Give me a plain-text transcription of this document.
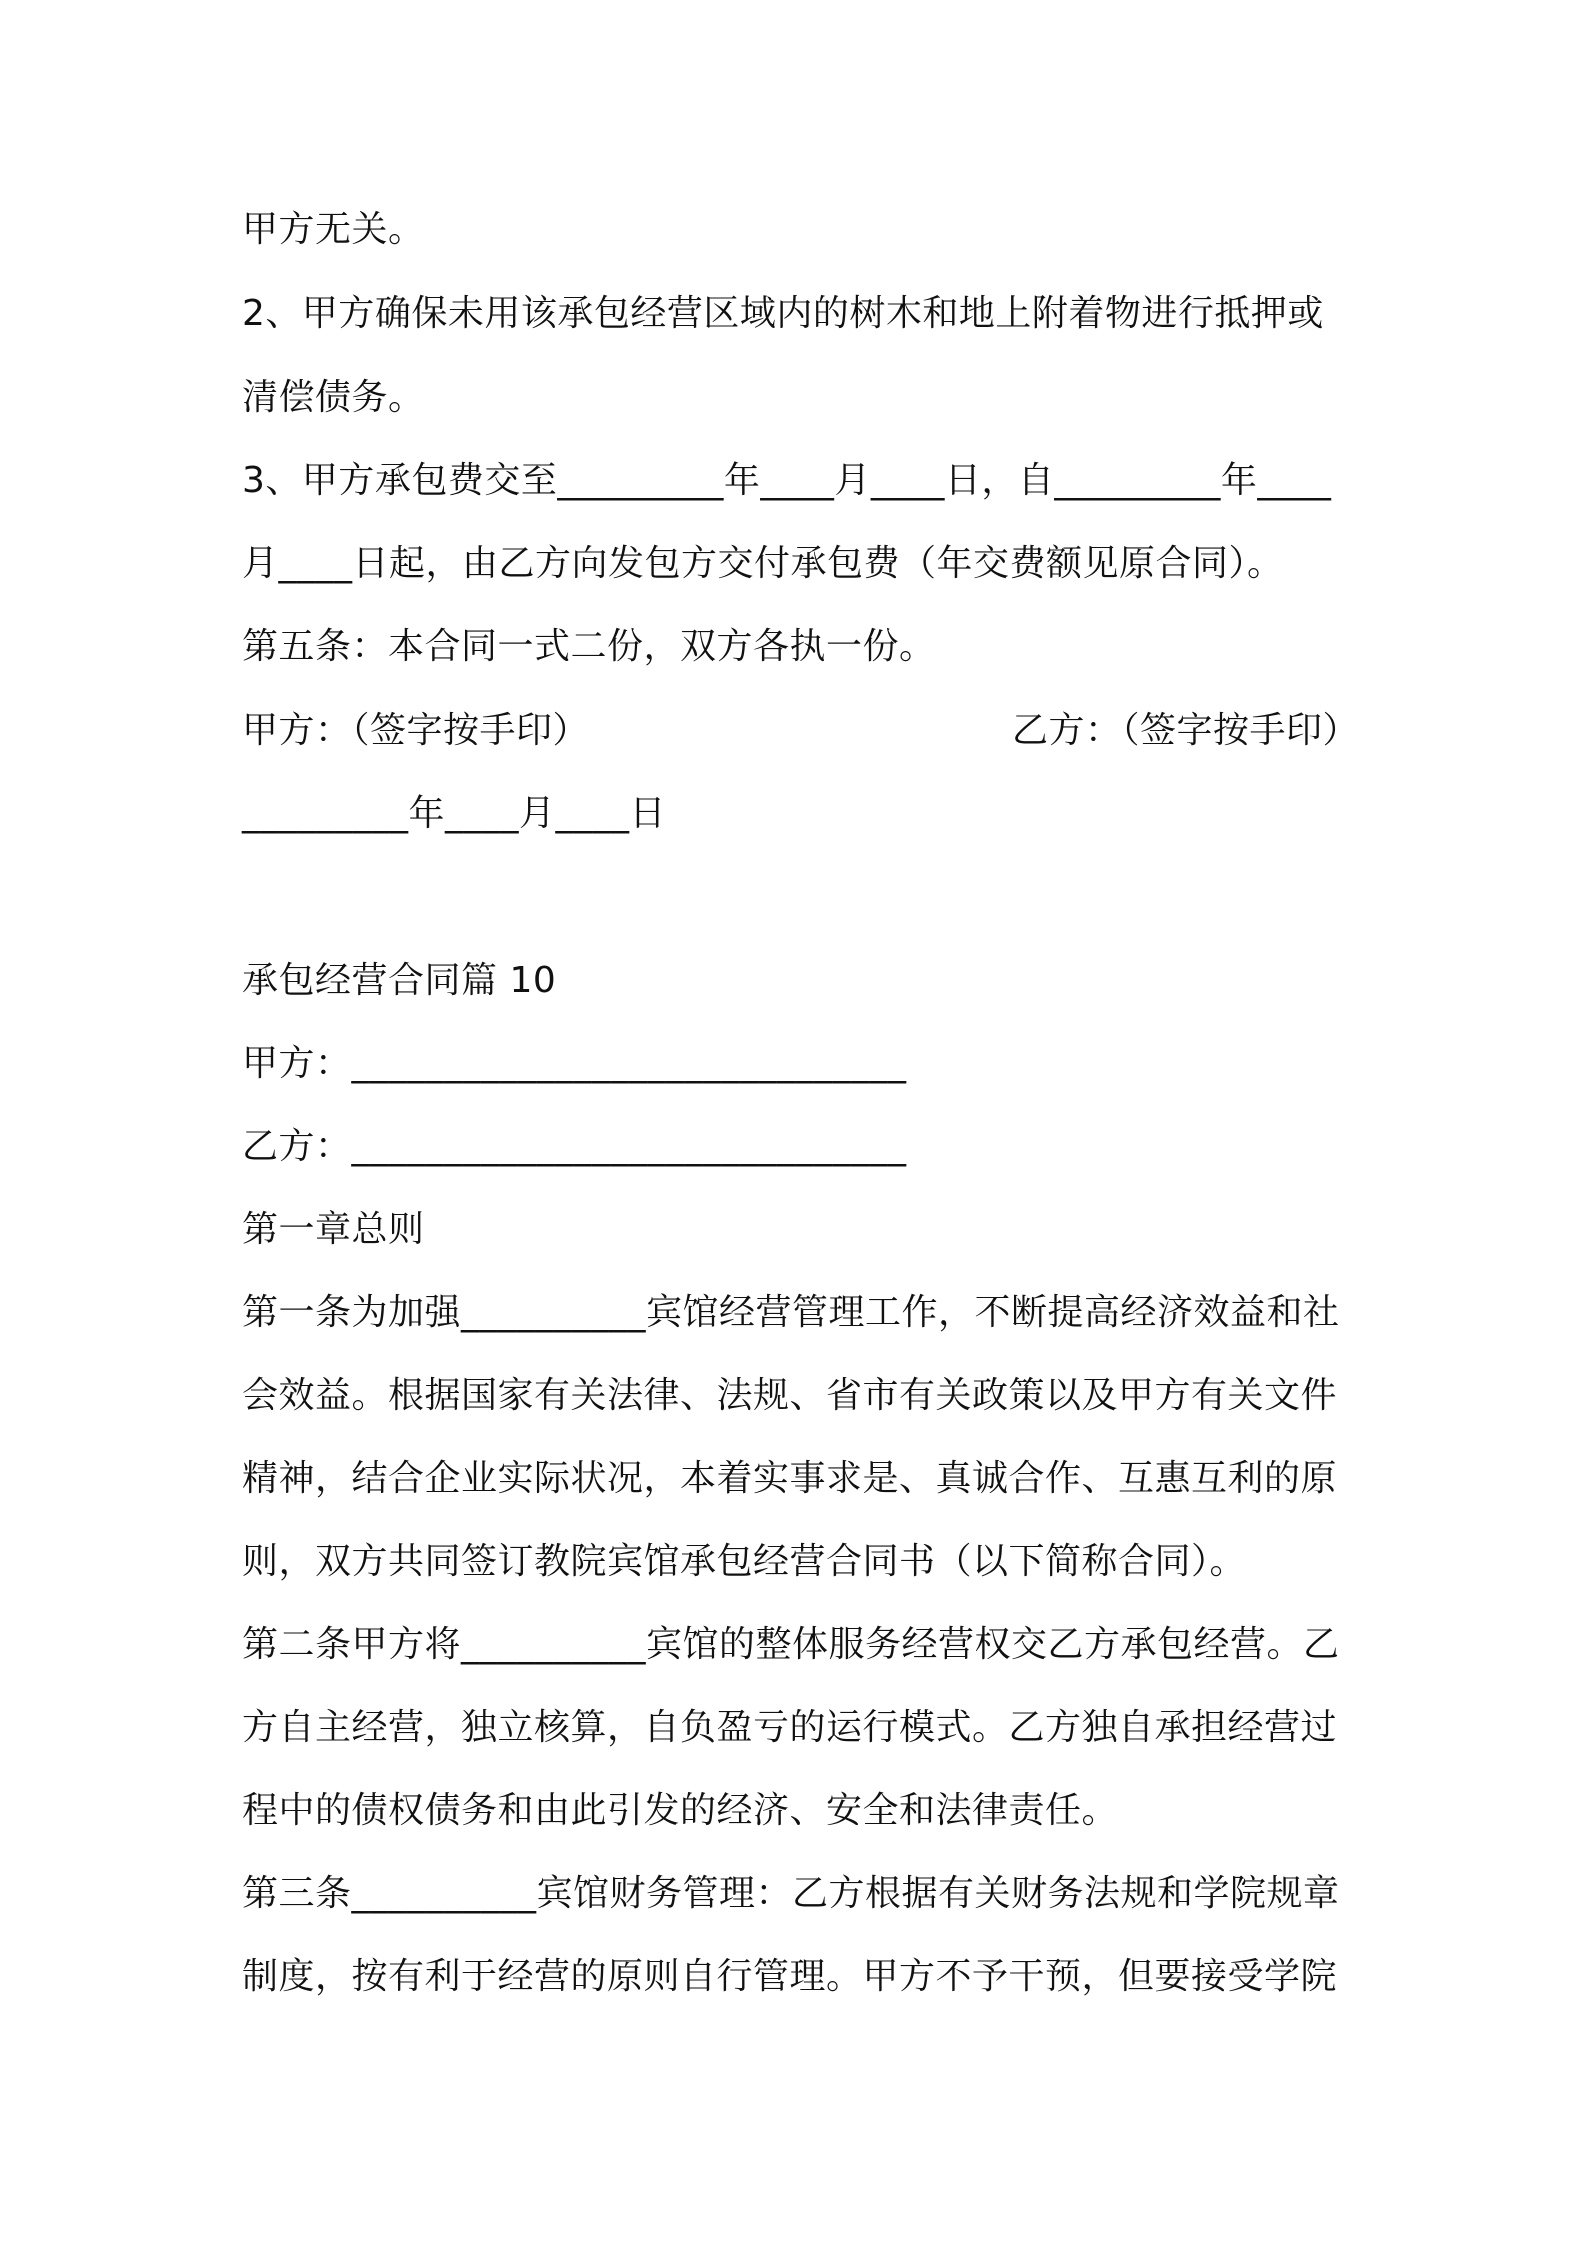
甲方无关。
2、甲方确保未用该承包经营区域内的树木和地上附着物进行抵押或
清偿债务。
3、甲方承包费交至_________年____月____日，自_________年____
月____日起，由乙方向发包方交付承包费（年交费额见原合同）。
第五条：本合同一式二份，双方各执一份。
甲方：（签字按手印）	乙方：（签字按手印）
_________年____月____日
承包经营合同篇 10
甲方：______________________________
乙方：______________________________
第一章总则
第一条为加强__________宾馆经营管理工作，不断提高经济效益和社
会效益。根据国家有关法律、法规、省市有关政策以及甲方有关文件
精神，结合企业实际状况，本着实事求是、真诚合作、互惠互利的原
则，双方共同签订教院宾馆承包经营合同书（以下简称合同）。
第二条甲方将__________宾馆的整体服务经营权交乙方承包经营。乙
方自主经营，独立核算，自负盈亏的运行模式。乙方独自承担经营过
程中的债权债务和由此引发的经济、安全和法律责任。
第三条__________宾馆财务管理：乙方根据有关财务法规和学院规章
制度，按有利于经营的原则自行管理。甲方不予干预，但要接受学院
